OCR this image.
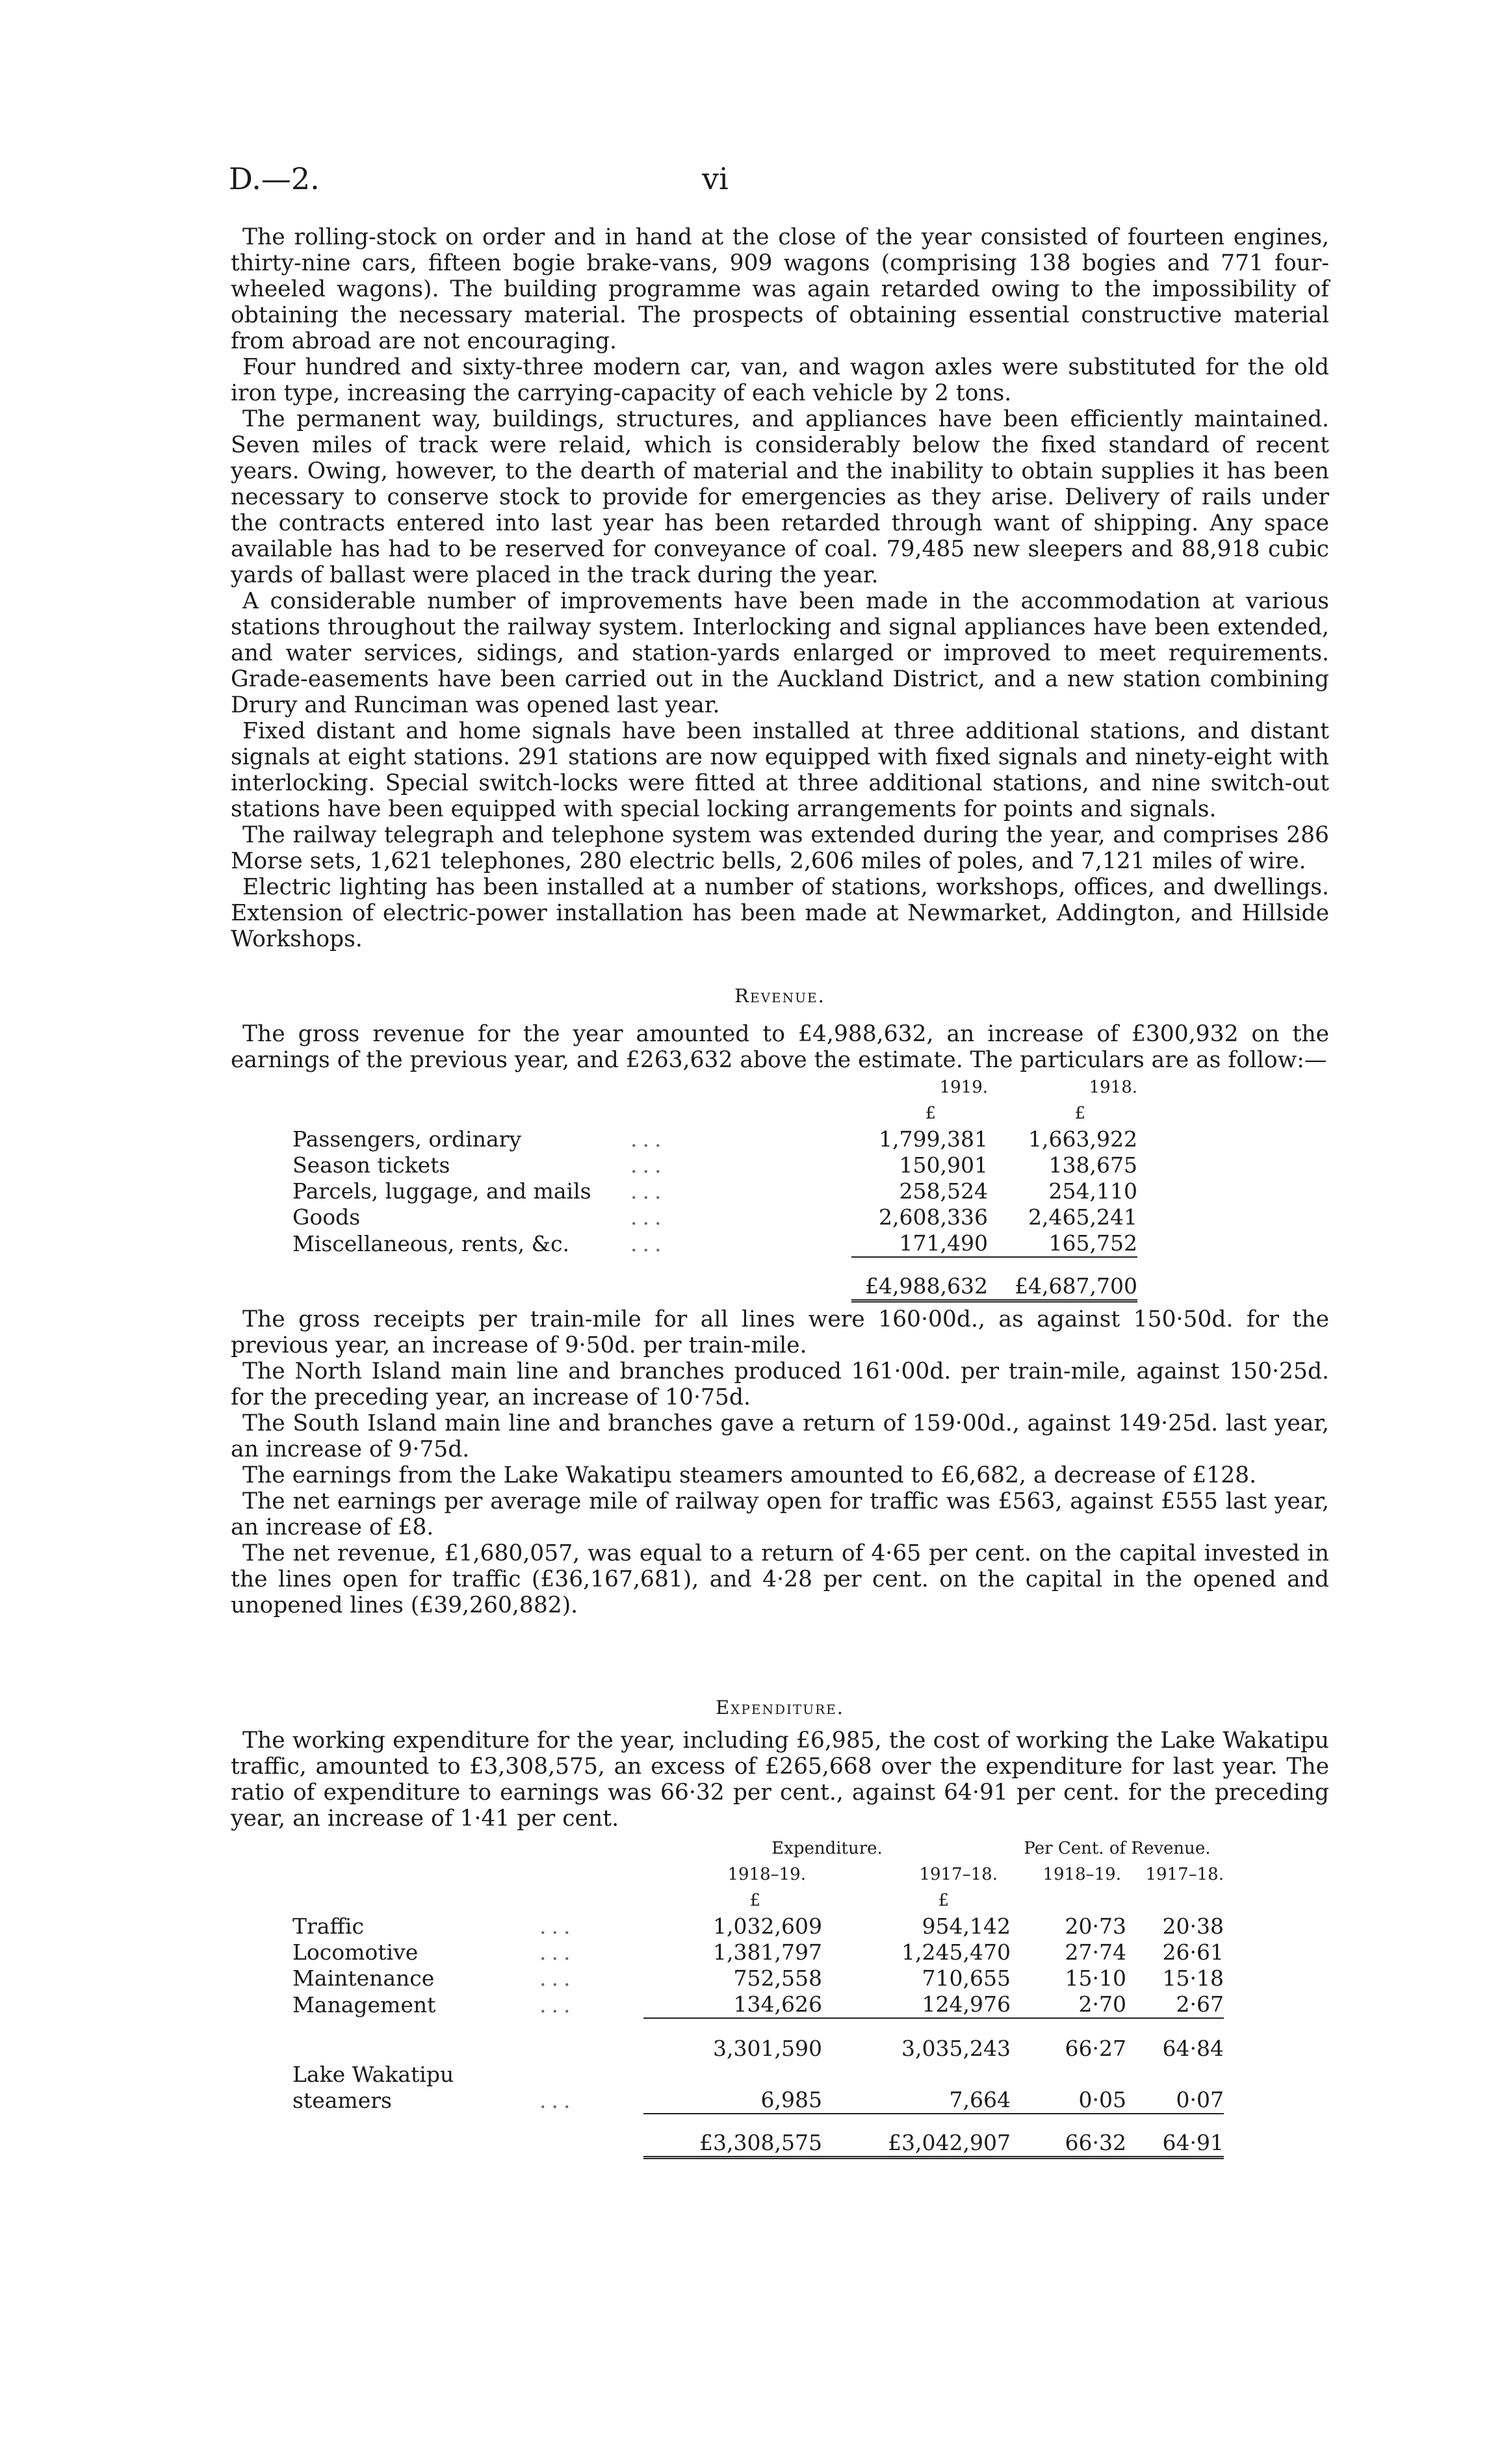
D.—2.	vi

The rolling-stock on order and in hand at the close of the year consisted of fourteen engines, thirty-nine cars, fifteen bogie brake-vans, 909 wagons (comprising 138 bogies and 771 four-wheeled wagons). The building programme was again retarded owing to the impossibility of obtaining the necessary material. The prospects of obtaining essential constructive material from abroad are not encouraging.

Four hundred and sixty-three modern car, van, and wagon axles were substituted for the old iron type, increasing the carrying-capacity of each vehicle by 2 tons.

The permanent way, buildings, structures, and appliances have been efficiently maintained. Seven miles of track were relaid, which is considerably below the fixed standard of recent years. Owing, however, to the dearth of material and the inability to obtain supplies it has been necessary to conserve stock to provide for emergencies as they arise. Delivery of rails under the contracts entered into last year has been retarded through want of shipping. Any space available has had to be reserved for conveyance of coal. 79,485 new sleepers and 88,918 cubic yards of ballast were placed in the track during the year.

A considerable number of improvements have been made in the accommodation at various stations throughout the railway system. Interlocking and signal appliances have been extended, and water services, sidings, and station-yards enlarged or improved to meet requirements. Grade-easements have been carried out in the Auckland District, and a new station combining Drury and Runciman was opened last year.

Fixed distant and home signals have been installed at three additional stations, and distant signals at eight stations. 291 stations are now equipped with fixed signals and ninety-eight with interlocking. Special switch-locks were fitted at three additional stations, and nine switch-out stations have been equipped with special locking arrangements for points and signals.

The railway telegraph and telephone system was extended during the year, and comprises 286 Morse sets, 1,621 telephones, 280 electric bells, 2,606 miles of poles, and 7,121 miles of wire.

Electric lighting has been installed at a number of stations, workshops, offices, and dwellings. Extension of electric-power installation has been made at Newmarket, Addington, and Hillside Workshops.

Revenue.

The gross revenue for the year amounted to £4,988,632, an increase of £300,932 on the earnings of the previous year, and £263,632 above the estimate. The particulars are as follow:—

		1919.	1918.
		£	£
Passengers, ordinary	...	1,799,381	1,663,922
Season tickets	...	150,901	138,675
Parcels, luggage, and mails	...	258,524	254,110
Goods	...	2,608,336	2,465,241
Miscellaneous, rents, &c.	...	171,490	165,752
		£4,988,632	£4,687,700

The gross receipts per train-mile for all lines were 160·00d., as against 150·50d. for the previous year, an increase of 9·50d. per train-mile.

The North Island main line and branches produced 161·00d. per train-mile, against 150·25d. for the preceding year, an increase of 10·75d.

The South Island main line and branches gave a return of 159·00d., against 149·25d. last year, an increase of 9·75d.

The earnings from the Lake Wakatipu steamers amounted to £6,682, a decrease of £128.

The net earnings per average mile of railway open for traffic was £563, against £555 last year, an increase of £8.

The net revenue, £1,680,057, was equal to a return of 4·65 per cent. on the capital invested in the lines open for traffic (£36,167,681), and 4·28 per cent. on the capital in the opened and unopened lines (£39,260,882).

Expenditure.

The working expenditure for the year, including £6,985, the cost of working the Lake Wakatipu traffic, amounted to £3,308,575, an excess of £265,668 over the expenditure for last year. The ratio of expenditure to earnings was 66·32 per cent., against 64·91 per cent. for the preceding year, an increase of 1·41 per cent.

		Expenditure.		Per Cent. of Revenue.	
		1918–19.	1917–18.	1918–19.	1917–18.
		£	£		
Traffic	...	1,032,609	954,142	20·73	20·38
Locomotive	...	1,381,797	1,245,470	27·74	26·61
Maintenance	...	752,558	710,655	15·10	15·18
Management	...	134,626	124,976	2·70	2·67
		3,301,590	3,035,243	66·27	64·84
Lake Wakatipu steamers	...	6,985	7,664	0·05	0·07
		£3,308,575	£3,042,907	66·32	64·91
